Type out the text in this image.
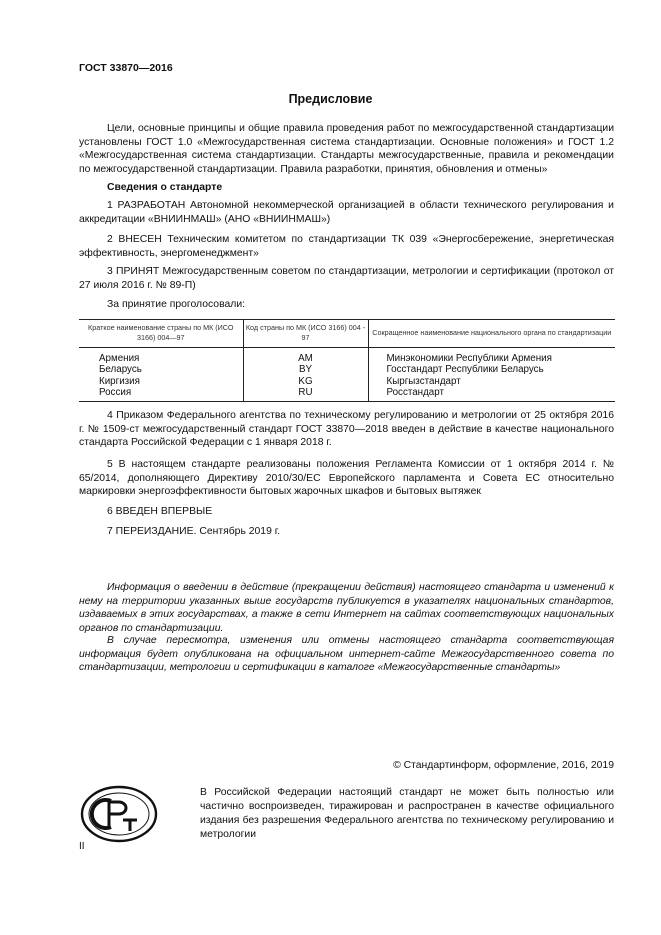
ГОСТ 33870—2016
Предисловие

Цели, основные принципы и общие правила проведения работ по межгосударственной стандартизации установлены ГОСТ 1.0 «Межгосударственная система стандартизации. Основные положения» и ГОСТ 1.2 «Межгосударственная система стандартизации. Стандарты межгосударственные, правила и рекомендации по межгосударственной стандартизации. Правила разработки, принятия, обновления и отмены»

Сведения о стандарте

1 РАЗРАБОТАН Автономной некоммерческой организацией в области технического регулирования и аккредитации «ВНИИНМАШ» (АНО «ВНИИНМАШ»)

2 ВНЕСЕН Техническим комитетом по стандартизации ТК 039 «Энергосбережение, энергетическая эффективность, энергоменеджмент»

3 ПРИНЯТ Межгосударственным советом по стандартизации, метрологии и сертификации (протокол от 27 июля 2016 г. № 89-П)

За принятие проголосовали:

Краткое наименование страны по МК (ИСО 3166) 004—97	Код страны по МК (ИСО 3166) 004 - 97	Сокращенное наименование национального органа по стандартизации
Армения	AM	Минэкономики Республики Армения
Беларусь	BY	Госстандарт Республики Беларусь
Киргизия	KG	Кыргызстандарт
Россия	RU	Росстандарт

4 Приказом Федерального агентства по техническому регулированию и метрологии от 25 октября 2016 г. № 1509-ст межгосударственный стандарт ГОСТ 33870—2018 введен в действие в качестве национального стандарта Российской Федерации с 1 января 2018 г.

5 В настоящем стандарте реализованы положения Регламента Комиссии от 1 октября 2014 г. № 65/2014, дополняющего Директиву 2010/30/ЕС Европейского парламента и Совета ЕС относительно маркировки энергоэффективности бытовых жарочных шкафов и бытовых вытяжек

6 ВВЕДЕН ВПЕРВЫЕ

7 ПЕРЕИЗДАНИЕ. Сентябрь 2019 г.

Информация о введении в действие (прекращении действия) настоящего стандарта и изменений к нему на территории указанных выше государств публикуется в указателях национальных стандартов, издаваемых в этих государствах, а также в сети Интернет на сайтах соответствующих национальных органов по стандартизации.

В случае пересмотра, изменения или отмены настоящего стандарта соответствующая информация будет опубликована на официальном интернет-сайте Межгосударственного совета по стандартизации, метрологии и сертификации в каталоге «Межгосударственные стандарты»

© Стандартинформ, оформление, 2016, 2019

В Российской Федерации настоящий стандарт не может быть полностью или частично воспроизведен, тиражирован и распространен в качестве официального издания без разрешения Федерального агентства по техническому регулированию и метрологии

II
